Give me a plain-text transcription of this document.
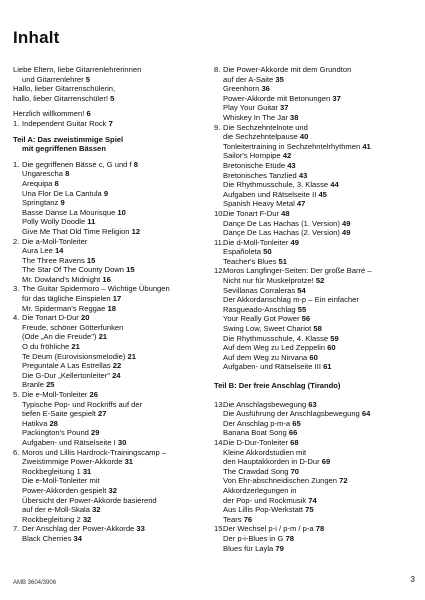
Inhalt
Liebe Eltern, liebe Gitarrenlehrerinnen
und Gitarrenlehrer 5
Hallo, lieber Gitarrenschülerin,
hallo, lieber Gitarrenschüler! 5
Herzlich willkommen! 6
1. Independent Guitar Rock 7
Teil A: Das zweistimmige Spiel
mit gegriffenen Bässen
1. Die gegriffenen Bässe c, G und f 8
Ungarescha 8
Arequipa 8
Una Flor De La Cantula 9
Springtanz 9
Basse Danse La Mourisque 10
Polly Wolly Doodle 11
Give Me That Old Time Religion 12
2. Die a-Moll-Tonleiter
Aura Lee 14
The Three Ravens 15
The Star Of The County Down 15
Mr. Dowland's Midnight 16
3. The Guitar Spidermoro – Wichtige Übungen
für das tägliche Einspielen 17
Mr. Spiderman's Reggae 18
4. Die Tonart D-Dur 20
Freude, schöner Götterfunken
(Ode „An die Freude") 21
O du fröhliche 21
Te Deum (Eurovisionsmelodie) 21
Preguntale A Las Estrellas 22
Die G-Dur „Kellertonleiter" 24
Branle 25
5. Die e-Moll-Tonleiter 26
Typische Pop- und Rockriffs auf der
tiefen E-Saite gespielt 27
Hatikva 28
Packington's Pound 29
Aufgaben- und Rätselseite I 30
6. Moros und Lillis Hardrock-Trainingscamp –
Zweistimmige Power-Akkorde 31
Rockbegleitung 1 31
Die e-Moll-Tonleiter mit
Power-Akkorden gespielt 32
Übersicht der Power-Akkorde basierend
auf der e-Moll-Skala 32
Rockbegleitung 2 32
7. Der Anschlag der Power-Akkorde 33
Black Cherries 34
8. Die Power-Akkorde mit dem Grundton
auf der A-Saite 35
Greenhorn 36
Power-Akkorde mit Betonungen 37
Play Your Guitar 37
Whiskey In The Jar 38
9. Die Sechzehntelnote und
die Sechzehntelpause 40
Tonleitertraining in Sechzehntelrhythmen 41
Sailor's Hornpipe 42
Bretonische Etüde 43
Bretonisches Tanzlied 43
Die Rhythmusschule, 3. Klasse 44
Aufgaben und Rätselseite II 45
Spanish Heavy Metal 47
10.
Die Tonart F-Dur 48
Dançe De Las Hachas (1. Version) 49
Dançe De Las Hachas (2. Version) 49
11. Die d-Moll-Tonleiter 49
Españoleta 50
Teacher's Blues 51
12.
Moros Langfinger-Seiten: Der große Barré –
Nicht nur für Muskelprotze! 52
Sevillanas Corraleras 54
Der Akkordanschlag m-p – Ein einfacher
Rasgueado-Anschlag 55
Your Really Got Power 56
Swing Low, Sweet Chariot 58
Die Rhythmusschule, 4. Klasse 59
Auf dem Weg zu Led Zeppelin 60
Auf dem Weg zu Nirvana 60
Aufgaben- und Rätselseite III 61
Teil B: Der freie Anschlag (Tirando)
13.
Die Anschlagsbewegung 63
Die Ausführung der Anschlagsbewegung 64
Der Anschlag p-m-a 65
Banana Boat Song 66
14.
Die D-Dur-Tonleiter 68
Kleine Akkordstudien mit
den Hauptakkorden in D-Dur 69
The Crawdad Song 70
Von Ehr-abschneidischen Zungen 72
Akkordzerlegungen in
der Pop- und Rockmusik 74
Aus Lillis Pop-Werkstatt 75
Tears 76
15.
Der Wechsel p-i / p-m / p-a 78
Der p-i-Blues in G 78
Blues für Layla 79
AMB 3604/3906	3
